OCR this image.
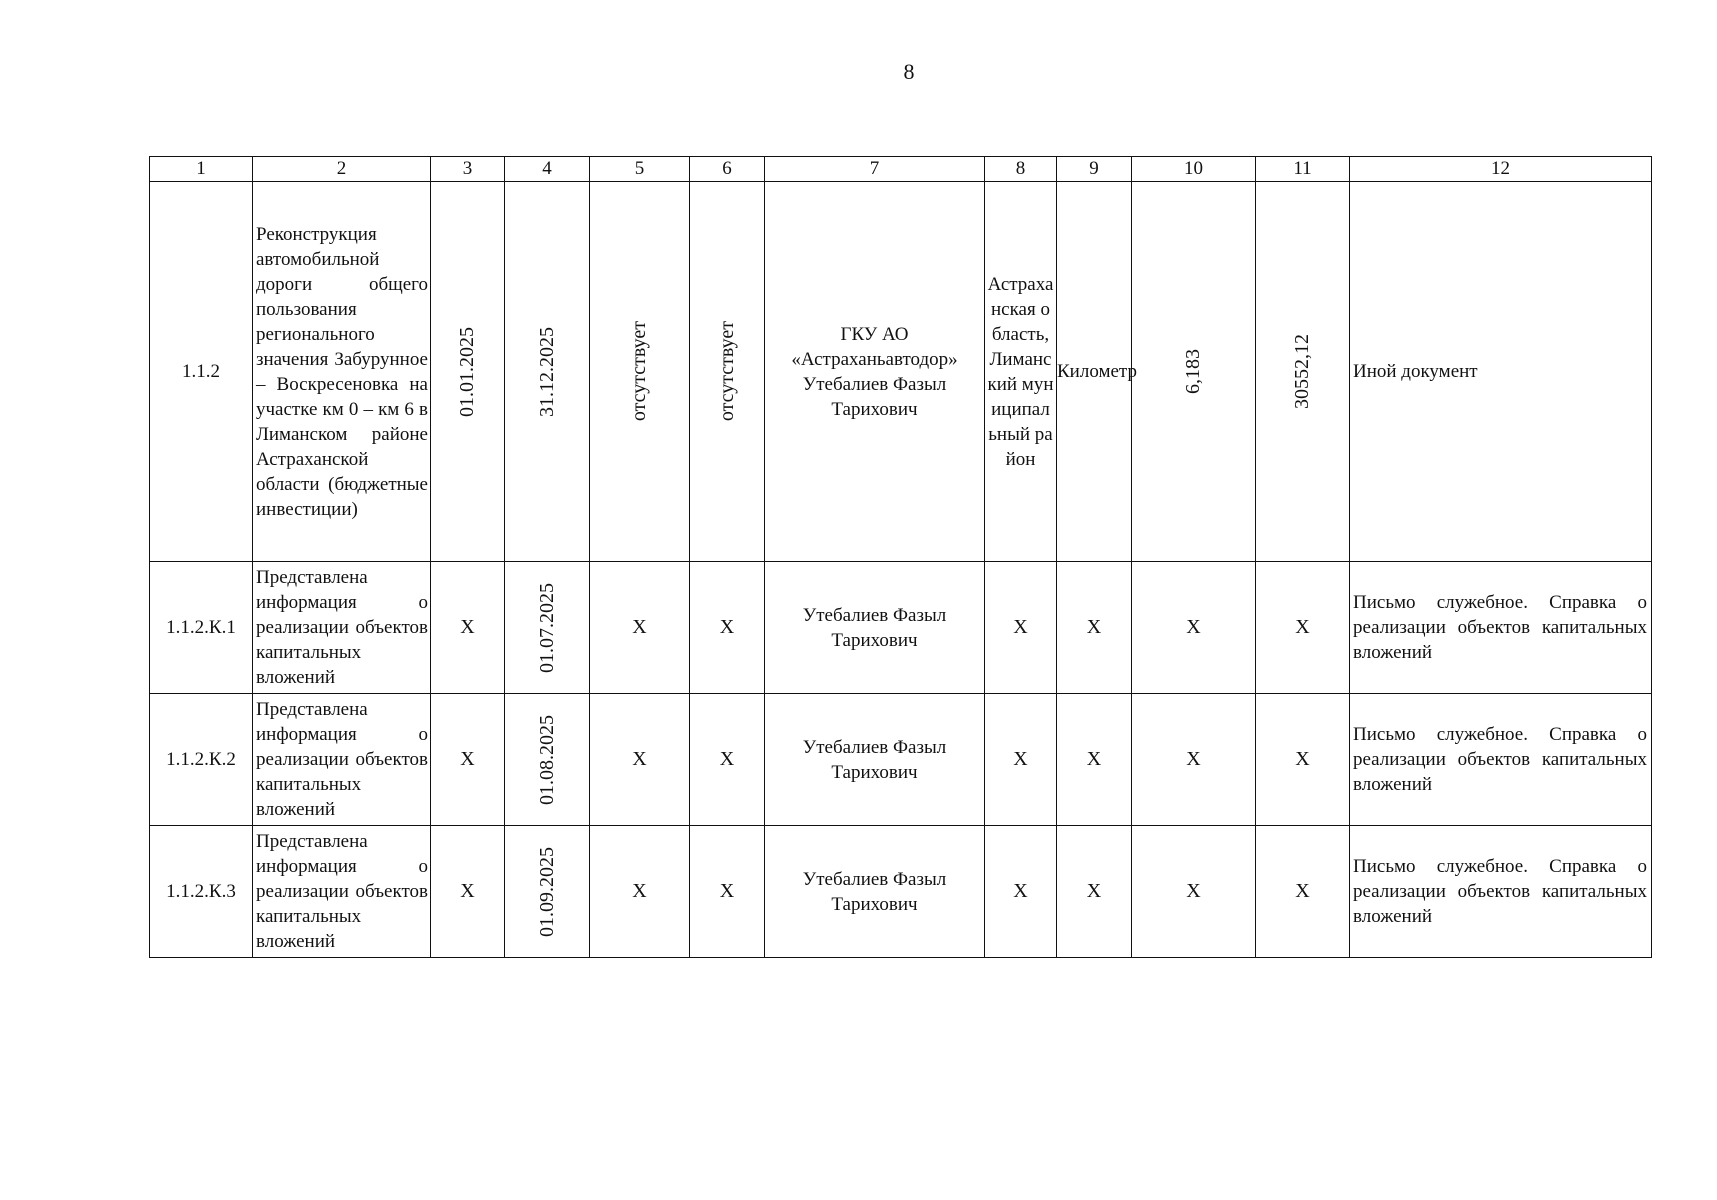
8
1	2	3	4	5	6	7	8	9	10	11	12
1.1.2	Реконструкция автомобильной дороги общего пользования регионального значения Забурунное – Воскресеновка на участке км 0 – км 6 в Лиманском районе Астраханской области (бюджетные инвестиции)	01.01.2025	31.12.2025	отсутствует	отсутствует	ГКУ АО «Астраханьавтодор» Утебалиев Фазыл Тарихович	Астраханская область, Лиманский муниципальный район	Километр	6,183	30552,12	Иной документ
1.1.2.К.1	Представлена информация о реализации объектов капитальных вложений	X	01.07.2025	X	X	Утебалиев Фазыл Тарихович	X	X	X	X	Письмо служебное. Справка о реализации объектов капитальных вложений
1.1.2.К.2	Представлена информация о реализации объектов капитальных вложений	X	01.08.2025	X	X	Утебалиев Фазыл Тарихович	X	X	X	X	Письмо служебное. Справка о реализации объектов капитальных вложений
1.1.2.К.3	Представлена информация о реализации объектов капитальных вложений	X	01.09.2025	X	X	Утебалиев Фазыл Тарихович	X	X	X	X	Письмо служебное. Справка о реализации объектов капитальных вложений
